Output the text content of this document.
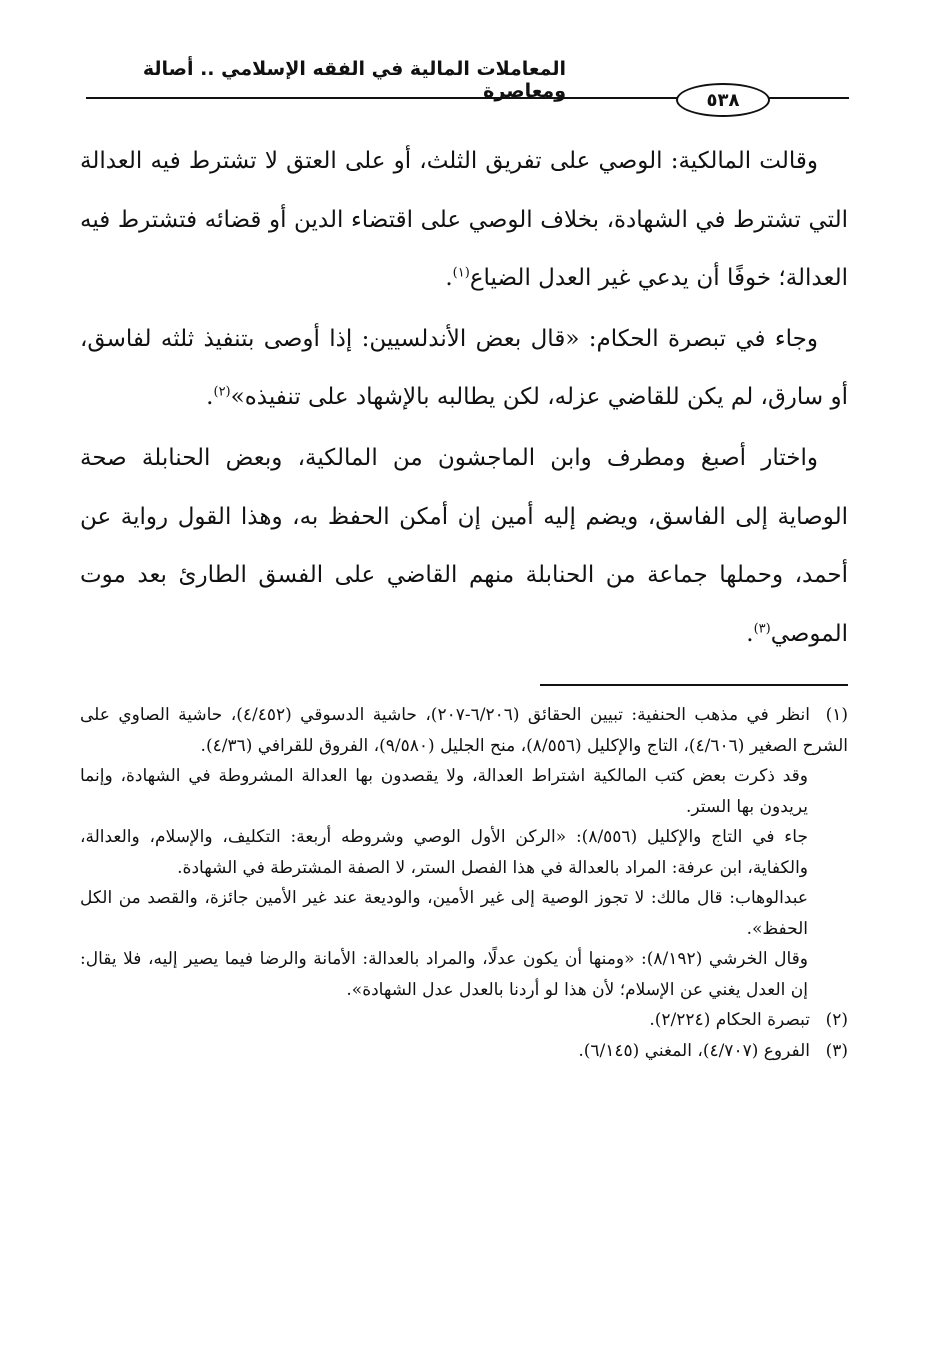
المعاملات المالية في الفقه الإسلامي .. أصالة ومعاصرة	٥٣٨

وقالت المالكية: الوصي على تفريق الثلث، أو على العتق لا تشترط فيه العدالة التي تشترط في الشهادة، بخلاف الوصي على اقتضاء الدين أو قضائه فتشترط فيه العدالة؛ خوفًا أن يدعي غير العدل الضياع$^{(١)}$.

وجاء في تبصرة الحكام: «قال بعض الأندلسيين: إذا أوصى بتنفيذ ثلثه لفاسق، أو سارق، لم يكن للقاضي عزله، لكن يطالبه بالإشهاد على تنفيذه»$^{(٢)}$.

واختار أصبغ ومطرف وابن الماجشون من المالكية، وبعض الحنابلة صحة الوصاية إلى الفاسق، ويضم إليه أمين إن أمكن الحفظ به، وهذا القول رواية عن أحمد، وحملها جماعة من الحنابلة منهم القاضي على الفسق الطارئ بعد موت الموصي$^{(٣)}$.

(١)انظر في مذهب الحنفية: تبيين الحقائق (٦/٢٠٦-٢٠٧)، حاشية الدسوقي (٤/٤٥٢)، حاشية الصاوي على الشرح الصغير (٤/٦٠٦)، التاج والإكليل (٨/٥٥٦)، منح الجليل (٩/٥٨٠)، الفروق للقرافي (٤/٣٦).

وقد ذكرت بعض كتب المالكية اشتراط العدالة، ولا يقصدون بها العدالة المشروطة في الشهادة، وإنما يريدون بها الستر.

جاء في التاج والإكليل (٨/٥٥٦): «الركن الأول الوصي وشروطه أربعة: التكليف، والإسلام، والعدالة، والكفاية، ابن عرفة: المراد بالعدالة في هذا الفصل الستر، لا الصفة المشترطة في الشهادة.

عبدالوهاب: قال مالك: لا تجوز الوصية إلى غير الأمين، والوديعة عند غير الأمين جائزة، والقصد من الكل الحفظ».

وقال الخرشي (٨/١٩٢): «ومنها أن يكون عدلًا، والمراد بالعدالة: الأمانة والرضا فيما يصير إليه، فلا يقال: إن العدل يغني عن الإسلام؛ لأن هذا لو أردنا بالعدل عدل الشهادة».

(٢)تبصرة الحكام (٢/٢٢٤).

(٣)الفروع (٤/٧٠٧)، المغني (٦/١٤٥).
